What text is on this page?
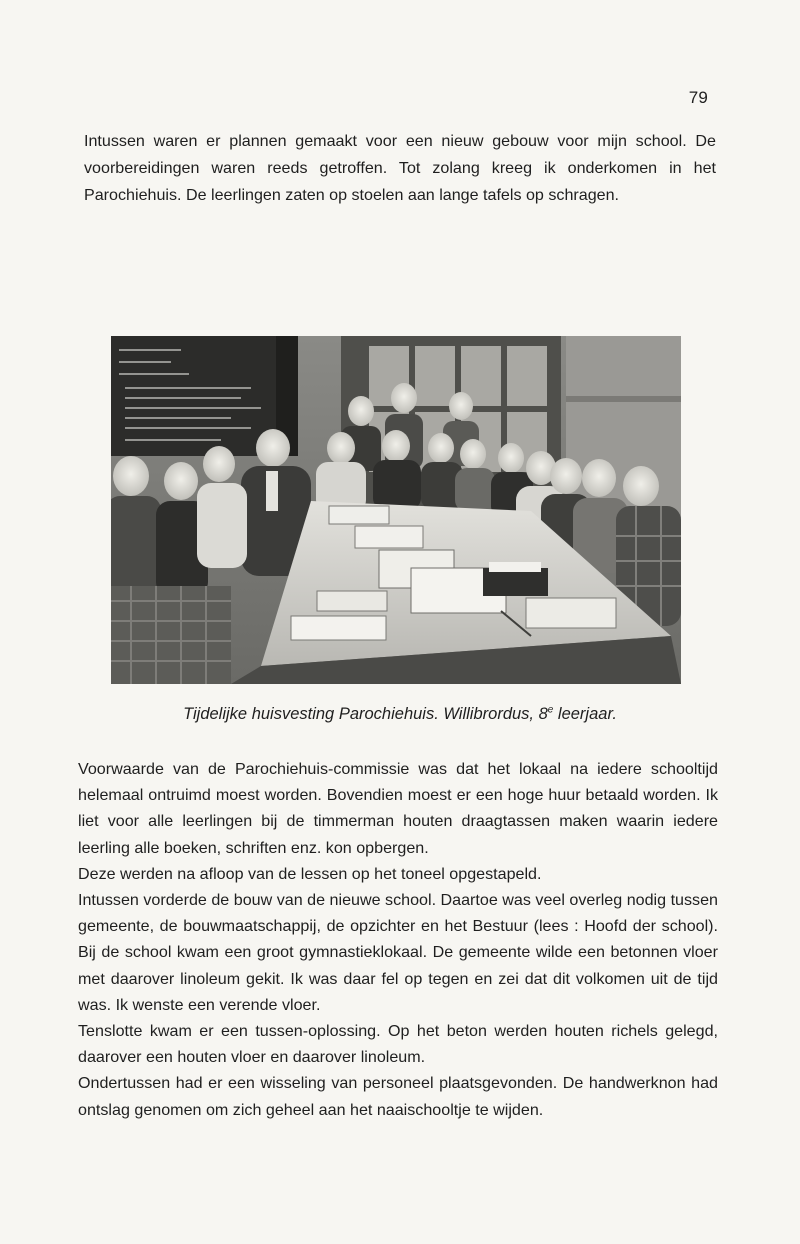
79

Intussen waren er plannen gemaakt voor een nieuw gebouw voor mijn school. De voorbereidingen waren reeds getroffen. Tot zolang kreeg ik onderkomen in het Parochiehuis. De leerlingen zaten op stoelen aan lange tafels op schragen.

Tijdelijke huisvesting Parochiehuis. Willibrordus, 8e leerjaar.

Voorwaarde van de Parochiehuis-commissie was dat het lokaal na iedere schooltijd helemaal ontruimd moest worden. Bovendien moest er een hoge huur betaald worden. Ik liet voor alle leerlingen bij de timmerman houten draagtassen maken waarin iedere leerling alle boeken, schriften enz. kon opbergen.
Deze werden na afloop van de lessen op het toneel opgestapeld.
Intussen vorderde de bouw van de nieuwe school. Daartoe was veel overleg nodig tussen gemeente, de bouwmaatschappij, de opzichter en het Bestuur (lees : Hoofd der school). Bij de school kwam een groot gymnastieklokaal. De gemeente wilde een betonnen vloer met daarover linoleum gekit. Ik was daar fel op tegen en zei dat dit volkomen uit de tijd was. Ik wenste een verende vloer.
Tenslotte kwam er een tussen-oplossing. Op het beton werden houten richels gelegd, daarover een houten vloer en daarover linoleum.
Ondertussen had er een wisseling van personeel plaatsgevonden. De handwerknon had ontslag genomen om zich geheel aan het naaischooltje te wijden.
